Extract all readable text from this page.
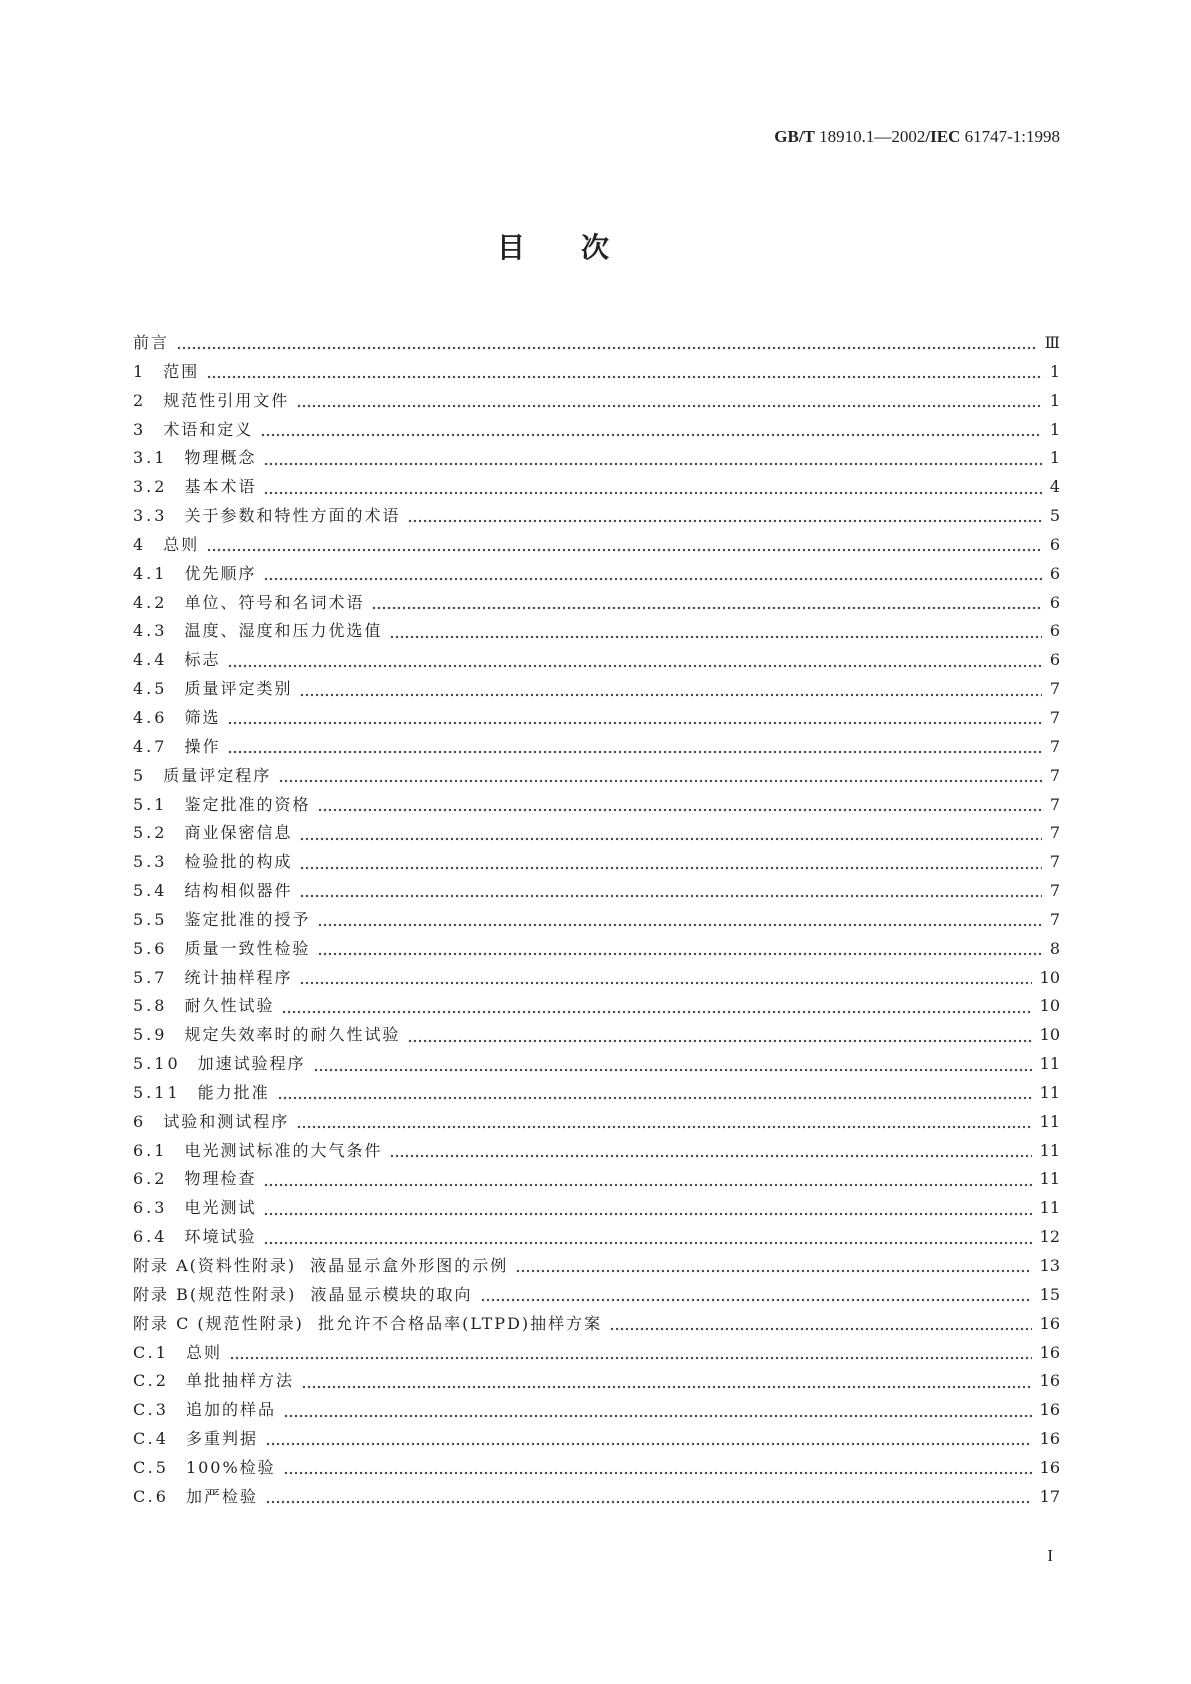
GB/T 18910.1—2002/IEC 61747-1:1998
目　次
前言	Ⅲ
1 范围	1
2 规范性引用文件	1
3 术语和定义	1
3.1 物理概念	1
3.2 基本术语	4
3.3 关于参数和特性方面的术语	5
4 总则	6
4.1 优先顺序	6
4.2 单位、符号和名词术语	6
4.3 温度、湿度和压力优选值	6
4.4 标志	6
4.5 质量评定类别	7
4.6 筛选	7
4.7 操作	7
5 质量评定程序	7
5.1 鉴定批准的资格	7
5.2 商业保密信息	7
5.3 检验批的构成	7
5.4 结构相似器件	7
5.5 鉴定批准的授予	7
5.6 质量一致性检验	8
5.7 统计抽样程序	10
5.8 耐久性试验	10
5.9 规定失效率时的耐久性试验	10
5.10 加速试验程序	11
5.11 能力批准	11
6 试验和测试程序	11
6.1 电光测试标准的大气条件	11
6.2 物理检查	11
6.3 电光测试	11
6.4 环境试验	12
附录 A(资料性附录)  液晶显示盒外形图的示例	13
附录 B(规范性附录)  液晶显示模块的取向	15
附录 C (规范性附录)  批允许不合格品率(LTPD)抽样方案	16
C.1 总则	16
C.2 单批抽样方法	16
C.3 追加的样品	16
C.4 多重判据	16
C.5 100%检验	16
C.6 加严检验	17
I
